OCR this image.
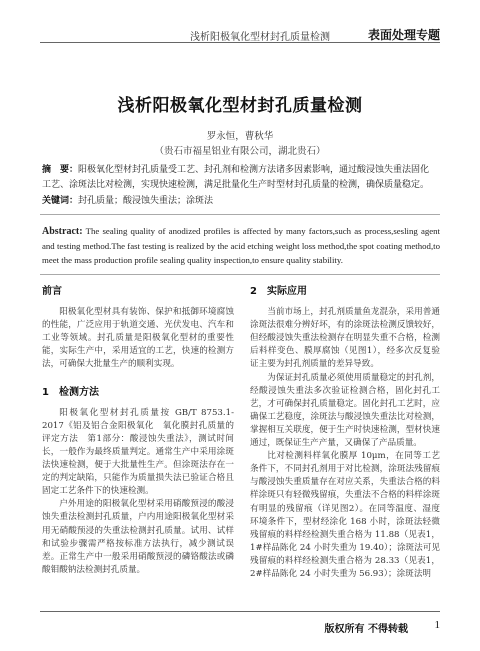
浅析阳极氧化型材封孔质量检测	表面处理专题
浅析阳极氧化型材封孔质量检测
罗永恒，曹秋华
（贵石市福星铝业有限公司，湖北贵石）
摘　要：阳极氧化型材封孔质量受工艺、封孔剂和检测方法诸多因素影响，通过酸浸蚀失重法固化工艺、涂斑法比对检测，实现快速检测，满足批量化生产时型材封孔质量的检测，确保质量稳定。
关键词：封孔质量；酸浸蚀失重法；涂斑法
Abstract: The sealing quality of anodized profiles is affected by many factors,such as process,sesling agent and testing method.The fast testing is realized by the acid etching weight loss method,the spot coating method,to meet the mass production profile sealing quality inspection,to ensure quality stability.
前言

阳极氧化型材具有装饰、保护和抵御环境腐蚀的性能，广泛应用于轨道交通、光伏发电、汽车和工业等领域。封孔质量是阳极氧化型材的重要性能，实际生产中，采用适宜的工艺，快速的检测方法，可确保大批量生产的顺利实现。

1　检测方法

阳极氧化型材封孔质量按 GB/T 8753.1-2017《铝及铝合金阳极氧化　氧化膜封孔质量的评定方法　第1部分：酸浸蚀失重法》，测试时间长，一般作为最终质量判定。通常生产中采用涂斑法快速检测，便于大批量性生产。但涂斑法存在一定的判定缺陷，只能作为质量损失法已验证合格且固定工艺条件下的快速检测。

户外用途的阳极氧化型材采用硝酸预浸的酸浸蚀失重法检测封孔质量，户内用途阳极氧化型材采用无硝酸预浸的失重法检测封孔质量。试用、试样和试验步骤需严格按标准方法执行，减少测试误差。正常生产中一般采用硝酸预浸的磷铬酸法或磷酸钼酸钠法检测封孔质量。

2　实际应用

当前市场上，封孔剂质量鱼龙混杂，采用普通涂斑法很难分辨好坏，有的涂斑法检测反馈较好，但经酸浸蚀失重法检测存在明显失重不合格，检测后料样变色、膜厚腐蚀（见图1），经多次反复验证主要为封孔剂质量的差异导致。

为保证封孔质量必须使用质量稳定的封孔剂，经酸浸蚀失重法多次验证检测合格，固化封孔工艺，才可确保封孔质量稳定。固化封孔工艺时，应确保工艺稳度，涂斑法与酸浸蚀失重法比对检测，掌握相互关联度，便于生产时快速检测，型材快速通过，既保证生产产量，又确保了产品质量。

比对检测料样氧化膜厚 10μm，在同等工艺条件下，不同封孔剂用于对比检测，涂斑法残留痕与酸浸蚀失重质量存在对应关系，失重法合格的料样涂斑只有轻微残留痕，失重法不合格的料样涂斑有明显的残留痕（详见图2）。在同等温度、湿度环境条件下，型材经涂化 168 小时，涂斑法轻微残留痕的料样经检测失重合格为 11.88（见表1，1#样品陈化 24 小时失重为 19.40）；涂斑法可见残留痕的料样经检测失重合格为 28.33（见表1，2#样品陈化 24 小时失重为 56.93）；涂斑法明

版权所有 不得转载 1
